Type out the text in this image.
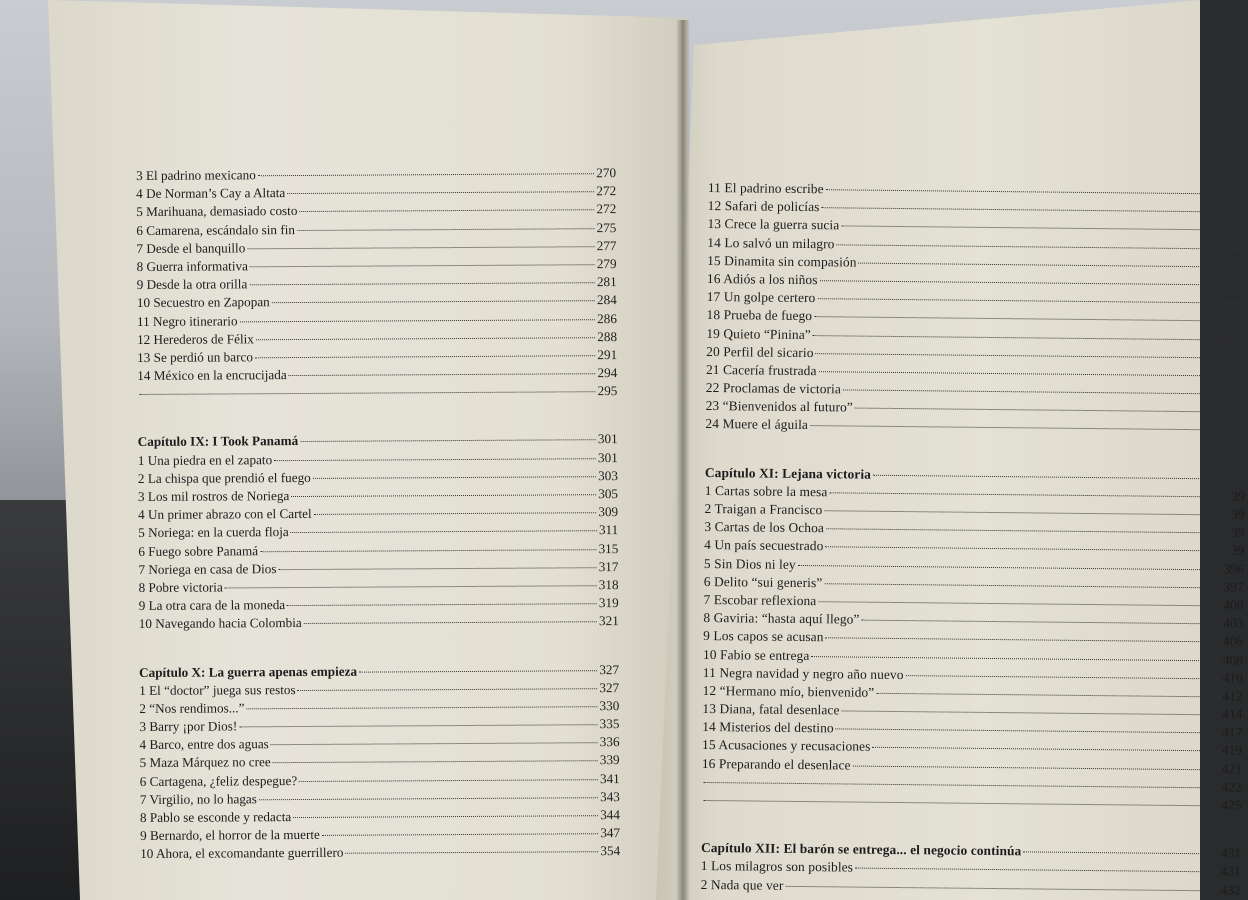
3 El padrino mexicano	270
4 De Norman’s Cay a Altata	272
5 Marihuana, demasiado costo	272
6 Camarena, escándalo sin fin	275
7 Desde el banquillo	277
8 Guerra informativa	279
9 Desde la otra orilla	281
10 Secuestro en Zapopan	284
11 Negro itinerario	286
12 Herederos de Félix	288
13 Se perdió un barco	291
14 México en la encrucijada	294
295
Capítulo IX: I Took Panamá	301
1 Una piedra en el zapato	301
2 La chispa que prendió el fuego	303
3 Los mil rostros de Noriega	305
4 Un primer abrazo con el Cartel	309
5 Noriega: en la cuerda floja	311
6 Fuego sobre Panamá	315
7 Noriega en casa de Dios	317
8 Pobre victoria	318
9 La otra cara de la moneda	319
10 Navegando hacia Colombia	321
Capítulo X: La guerra apenas empieza	327
1 El “doctor” juega sus restos	327
2 “Nos rendimos...”	330
3 Barry ¡por Dios!	335
4 Barco, entre dos aguas	336
5 Maza Márquez no cree	339
6 Cartagena, ¿feliz despegue?	341
7 Virgilio, no lo hagas	343
8 Pablo se esconde y redacta	344
9 Bernardo, el horror de la muerte	347
10 Ahora, el excomandante guerrillero	354
11 El padrino escribe
12 Safari de policías
13 Crece la guerra sucia
14 Lo salvó un milagro
15 Dinamita sin compasión
16 Adiós a los niños
17 Un golpe certero
18 Prueba de fuego
19 Quieto “Pinina”
20 Perfil del sicario
21 Cacería frustrada
22 Proclamas de victoria
23 “Bienvenidos al futuro”
24 Muere el águila
Capítulo XI: Lejana victoria
1 Cartas sobre la mesa	39
2 Traigan a Francisco	39
3 Cartas de los Ochoa	39
4 Un país secuestrado	39
5 Sin Dios ni ley	396
6 Delito “sui generis”	397
7 Escobar reflexiona	400
8 Gaviria: “hasta aquí llego”	403
9 Los capos se acusan	406
10 Fabio se entrega	408
11 Negra navidad y negro año nuevo	410
12 “Hermano mío, bienvenido”	412
13 Diana, fatal desenlace	414
14 Misterios del destino	417
15 Acusaciones y recusaciones	419
16 Preparando el desenlace	421
422
425
Capítulo XII: El barón se entrega... el negocio continúa	431
1 Los milagros son posibles	431
2 Nada que ver	432
